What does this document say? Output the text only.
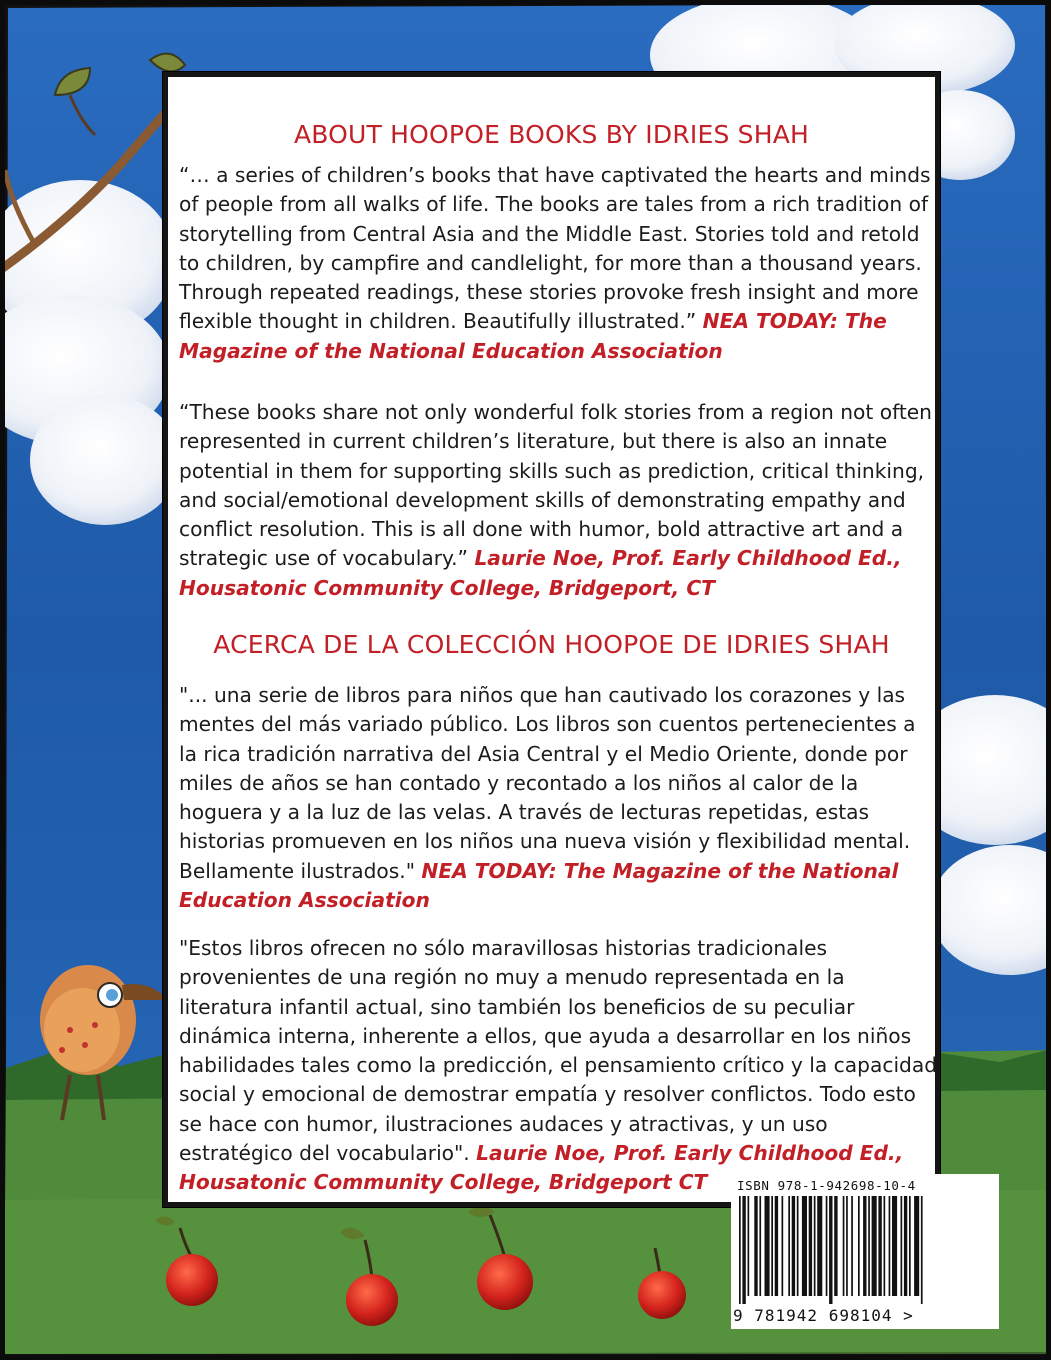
ABOUT HOOPOE BOOKS BY IDRIES SHAH
“… a series of children’s books that have captivated the hearts and minds of people from all walks of life. The books are tales from a rich tradition of storytelling from Central Asia and the Middle East. Stories told and retold to children, by campfire and candlelight, for more than a thousand years. Through repeated readings, these stories provoke fresh insight and more flexible thought in children. Beautifully illustrated.” NEA TODAY: The Magazine of the National Education Association
“These books share not only wonderful folk stories from a region not often represented in current children’s literature, but there is also an innate potential in them for supporting skills such as prediction, critical thinking, and social/emotional development skills of demonstrating empathy and conflict resolution. This is all done with humor, bold attractive art and a strategic use of vocabulary.” Laurie Noe, Prof. Early Childhood Ed., Housatonic Community College, Bridgeport, CT
ACERCA DE LA COLECCIÓN HOOPOE DE IDRIES SHAH
"... una serie de libros para niños que han cautivado los corazones y las mentes del más variado público. Los libros son cuentos pertenecientes a la rica tradición narrativa del Asia Central y el Medio Oriente, donde por miles de años se han contado y recontado a los niños al calor de la hoguera y a la luz de las velas. A través de lecturas repetidas, estas historias promueven en los niños una nueva visión y flexibilidad mental. Bellamente ilustrados." NEA TODAY: The Magazine of the National Education Association
"Estos libros ofrecen no sólo maravillosas historias tradicionales provenientes de una región no muy a menudo representada en la literatura infantil actual, sino también los beneficios de su peculiar dinámica interna, inherente a ellos, que ayuda a desarrollar en los niños habilidades tales como la predicción, el pensamiento crítico y la capacidad social y emocional de demostrar empatía y resolver conflictos. Todo esto se hace con humor, ilustraciones audaces y atractivas, y un uso estratégico del vocabulario". Laurie Noe, Prof. Early Childhood Ed., Housatonic Community College, Bridgeport CT	ISBN 978-1-942698-10-4
9 781942 698104 >
